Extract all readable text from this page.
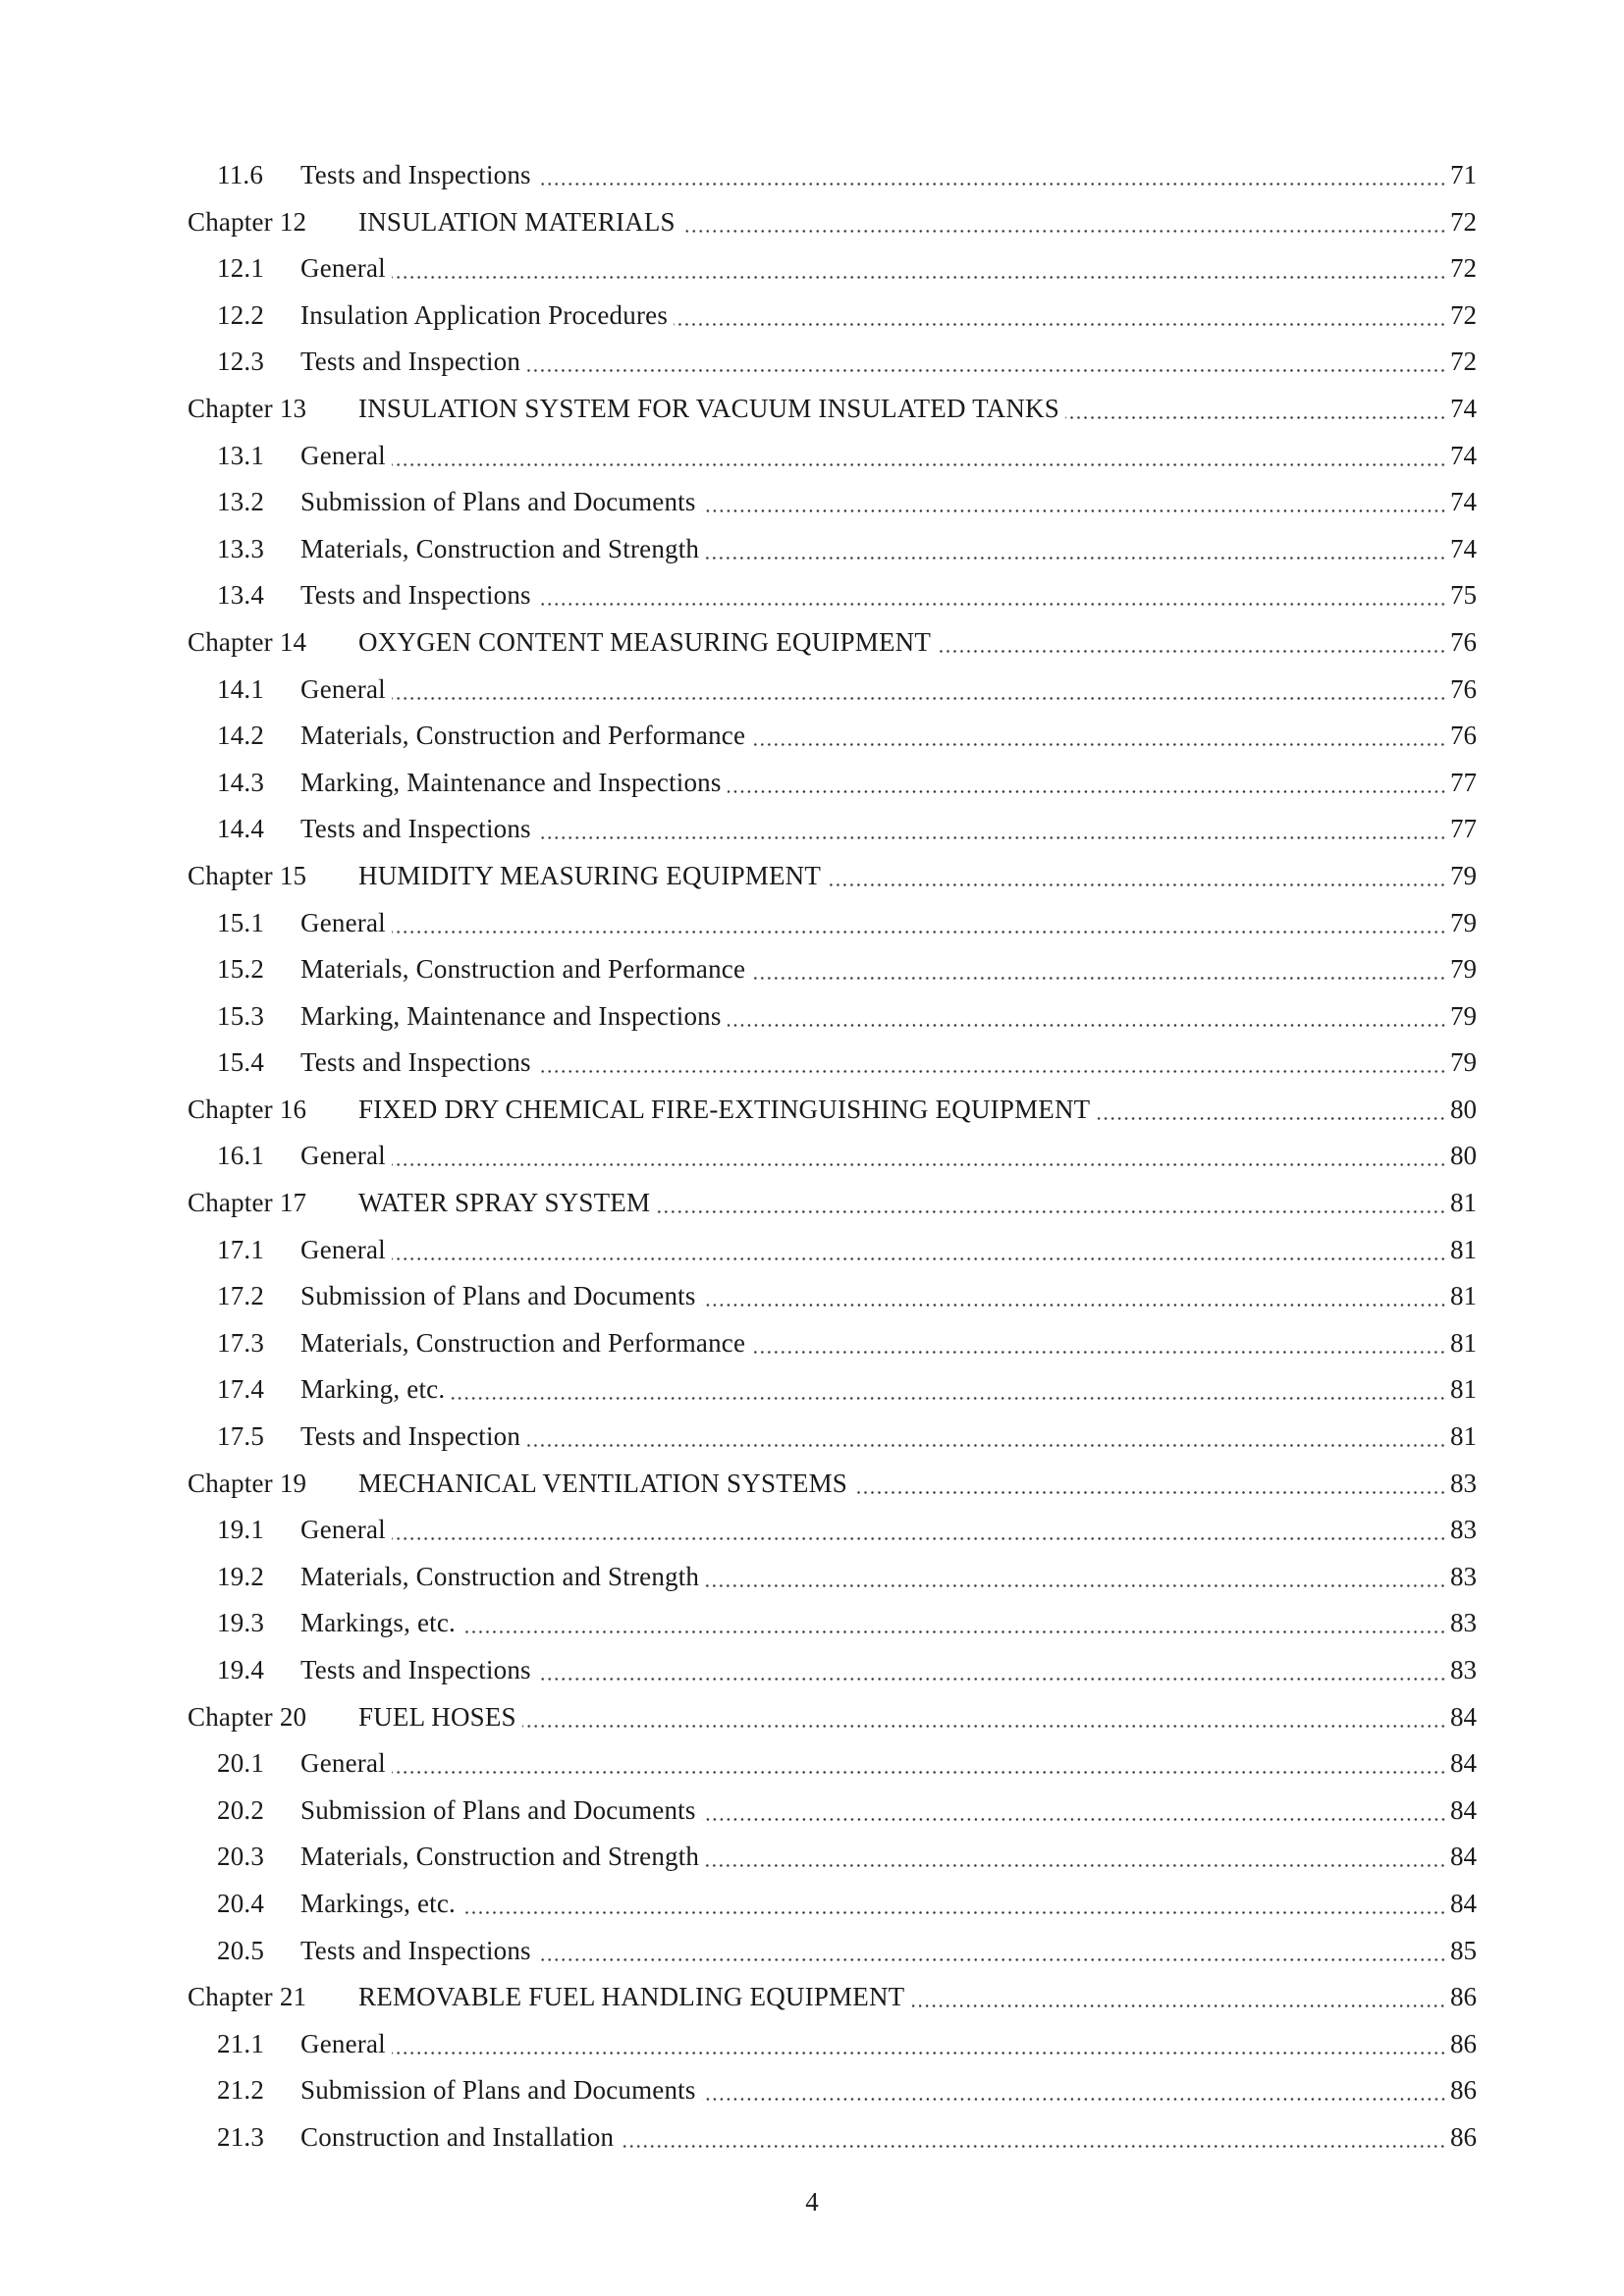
11.6 Tests and Inspections	71
Chapter 12 INSULATION MATERIALS	72
12.1 General	72
12.2 Insulation Application Procedures	72
12.3 Tests and Inspection	72
Chapter 13 INSULATION SYSTEM FOR VACUUM INSULATED TANKS	74
13.1 General	74
13.2 Submission of Plans and Documents	74
13.3 Materials, Construction and Strength	74
13.4 Tests and Inspections	75
Chapter 14 OXYGEN CONTENT MEASURING EQUIPMENT	76
14.1 General	76
14.2 Materials, Construction and Performance	76
14.3 Marking, Maintenance and Inspections	77
14.4 Tests and Inspections	77
Chapter 15 HUMIDITY MEASURING EQUIPMENT	79
15.1 General	79
15.2 Materials, Construction and Performance	79
15.3 Marking, Maintenance and Inspections	79
15.4 Tests and Inspections	79
Chapter 16 FIXED DRY CHEMICAL FIRE-EXTINGUISHING EQUIPMENT	80
16.1 General	80
Chapter 17 WATER SPRAY SYSTEM	81
17.1 General	81
17.2 Submission of Plans and Documents	81
17.3 Materials, Construction and Performance	81
17.4 Marking, etc.	81
17.5 Tests and Inspection	81
Chapter 19 MECHANICAL VENTILATION SYSTEMS	83
19.1 General	83
19.2 Materials, Construction and Strength	83
19.3 Markings, etc.	83
19.4 Tests and Inspections	83
Chapter 20 FUEL HOSES	84
20.1 General	84
20.2 Submission of Plans and Documents	84
20.3 Materials, Construction and Strength	84
20.4 Markings, etc.	84
20.5 Tests and Inspections	85
Chapter 21 REMOVABLE FUEL HANDLING EQUIPMENT	86
21.1 General	86
21.2 Submission of Plans and Documents	86
21.3 Construction and Installation	86
4
